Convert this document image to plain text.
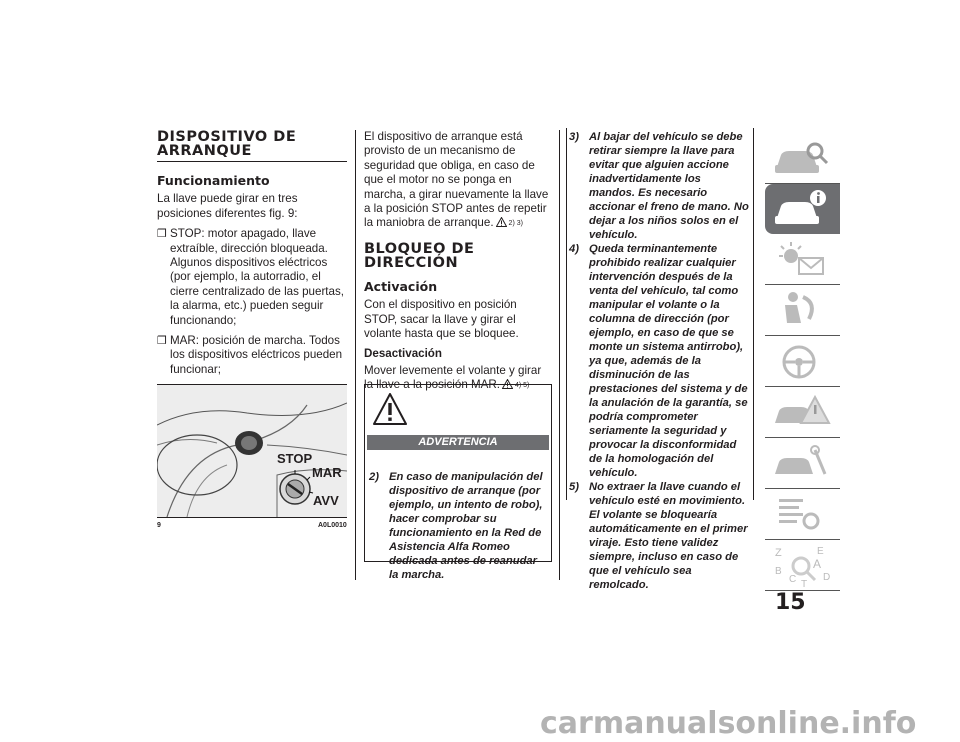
DISPOSITIVO DE
ARRANQUE
Funcionamiento

La llave puede girar en tres posiciones diferentes fig. 9:

❒ STOP: motor apagado, llave extraíble, dirección bloqueada. Algunos dispositivos eléctricos (por ejemplo, la autorradio, el cierre centralizado de las puertas, la alarma, etc.) pueden seguir funcionando;
❒ MAR: posición de marcha. Todos los dispositivos eléctricos pueden funcionar;
STOP
MAR
AVV
9	A0L0010

El dispositivo de arranque está provisto de un mecanismo de seguridad que obliga, en caso de que el motor no se ponga en marcha, a girar nuevamente la llave a la posición STOP antes de repetir la maniobra de arranque. 2) 3)

BLOQUEO DE
DIRECCIÓN
Activación

Con el dispositivo en posición STOP, sacar la llave y girar el volante hasta que se bloquee.

Desactivación

Mover levemente el volante y girar la llave a la posición MAR. 4) 5)

ADVERTENCIA
2) En caso de manipulación del dispositivo de arranque (por ejemplo, un intento de robo), hacer comprobar su funcionamiento en la Red de Asistencia Alfa Romeo dedicada antes de reanudar la marcha.
3) Al bajar del vehículo se debe retirar siempre la llave para evitar que alguien accione inadvertidamente los mandos. Es necesario accionar el freno de mano. No dejar a los niños solos en el vehículo.
4) Queda terminantemente prohibido realizar cualquier intervención después de la venta del vehículo, tal como manipular el volante o la columna de dirección (por ejemplo, en caso de que se monte un sistema antirrobo), ya que, además de la disminución de las prestaciones del sistema y de la anulación de la garantía, se podría comprometer seriamente la seguridad y provocar la disconformidad de la homologación del vehículo.
5) No extraer la llave cuando el vehículo esté en movimiento. El volante se bloquearía automáticamente en el primer viraje. Esto tiene validez siempre, incluso en caso de que el vehículo sea remolcado.
Z	E
A
B
C T
D
15
carmanualsonline.info
